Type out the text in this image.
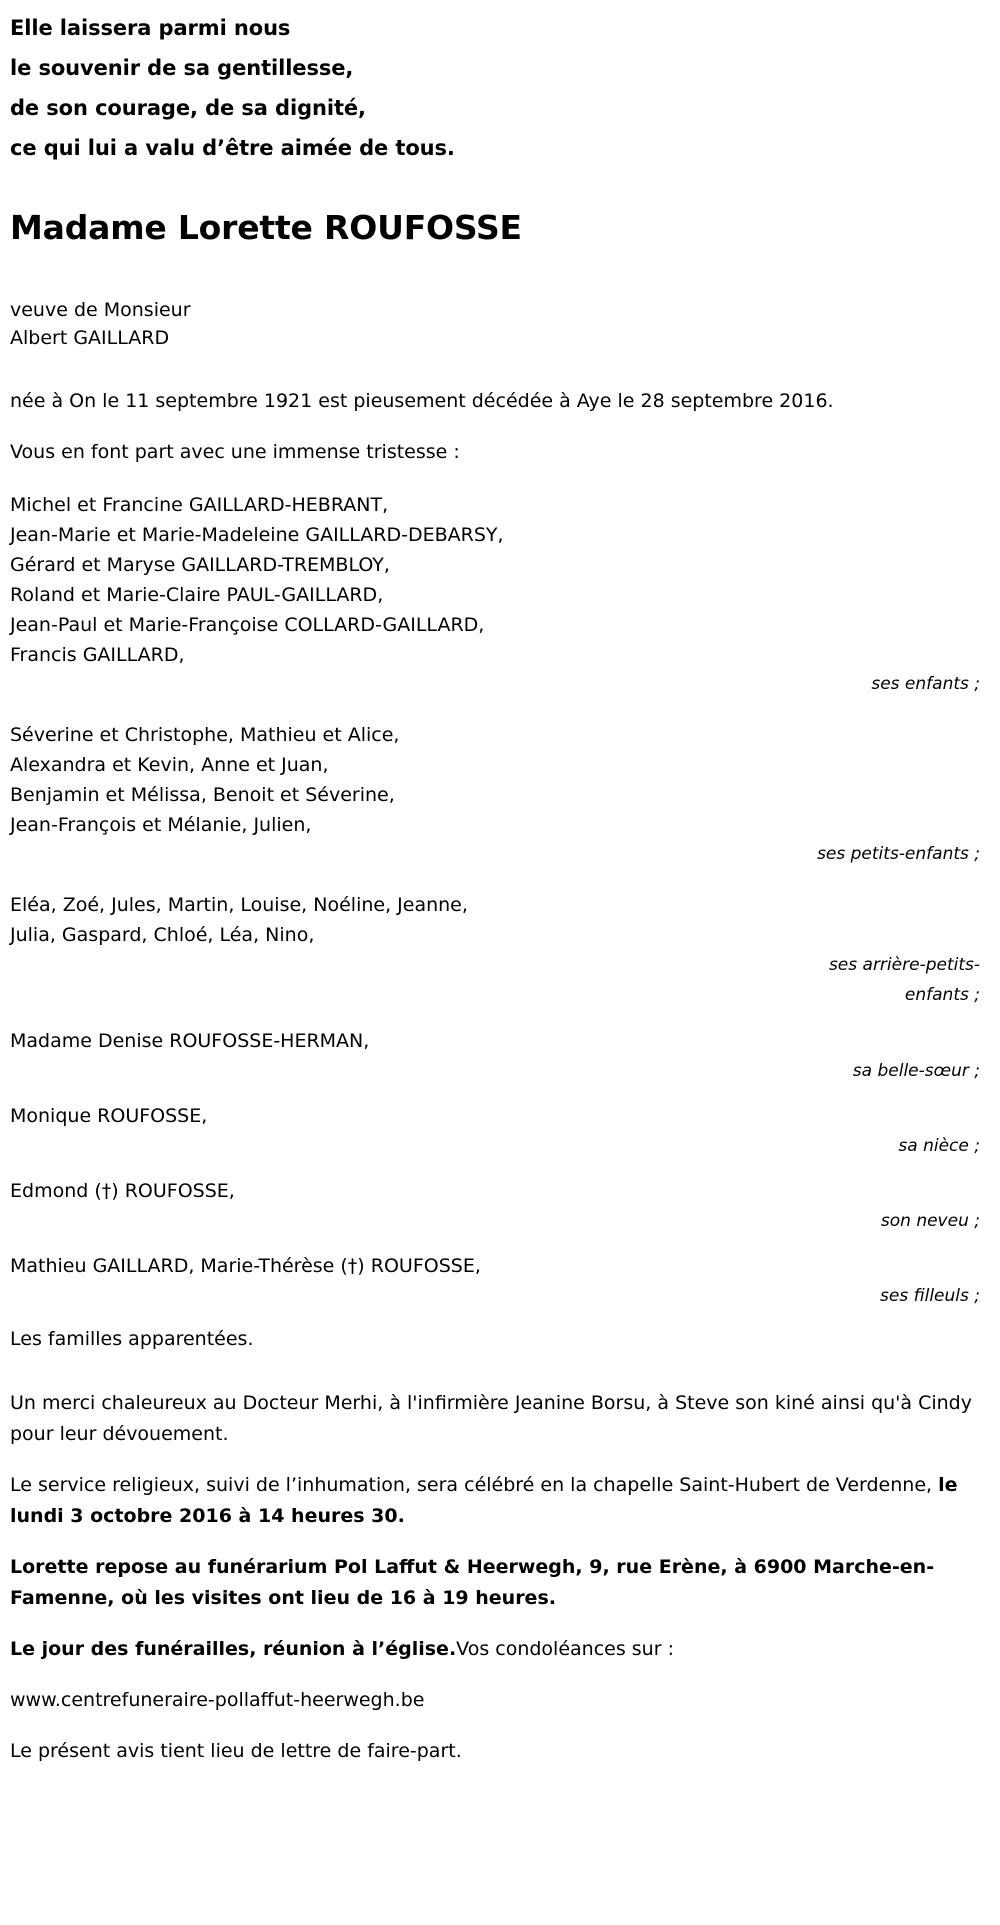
Elle laissera parmi nous
le souvenir de sa gentillesse,
de son courage, de sa dignité,
ce qui lui a valu d’être aimée de tous.
Madame Lorette ROUFOSSE
veuve de Monsieur
Albert GAILLARD
née à On le 11 septembre 1921 est pieusement décédée à Aye le 28 septembre 2016.
Vous en font part avec une immense tristesse :
Michel et Francine GAILLARD-HEBRANT,
Jean-Marie et Marie-Madeleine GAILLARD-DEBARSY,
Gérard et Maryse GAILLARD-TREMBLOY,
Roland et Marie-Claire PAUL-GAILLARD,
Jean-Paul et Marie-Françoise COLLARD-GAILLARD,
Francis GAILLARD,
ses enfants ;
Séverine et Christophe, Mathieu et Alice,
Alexandra et Kevin, Anne et Juan,
Benjamin et Mélissa, Benoit et Séverine,
Jean-François et Mélanie, Julien,
ses petits-enfants ;
Eléa, Zoé, Jules, Martin, Louise, Noéline, Jeanne,
Julia, Gaspard, Chloé, Léa, Nino,
ses arrière-petits-
enfants ;
Madame Denise ROUFOSSE-HERMAN,
sa belle-sœur ;
Monique ROUFOSSE,
sa nièce ;
Edmond (†) ROUFOSSE,
son neveu ;
Mathieu GAILLARD, Marie-Thérèse (†) ROUFOSSE,
ses filleuls ;
Les familles apparentées.
Un merci chaleureux au Docteur Merhi, à l'infirmière Jeanine Borsu, à Steve son kiné ainsi qu'à Cindy pour leur dévouement.
Le service religieux, suivi de l’inhumation, sera célébré en la chapelle Saint-Hubert de Verdenne, le lundi 3 octobre 2016 à 14 heures 30.
Lorette repose au funérarium Pol Laffut & Heerwegh, 9, rue Erène, à 6900 Marche-en-Famenne, où les visites ont lieu de 16 à 19 heures.
Le jour des funérailles, réunion à l’église.Vos condoléances sur :
www.centrefuneraire-pollaffut-heerwegh.be
Le présent avis tient lieu de lettre de faire-part.
